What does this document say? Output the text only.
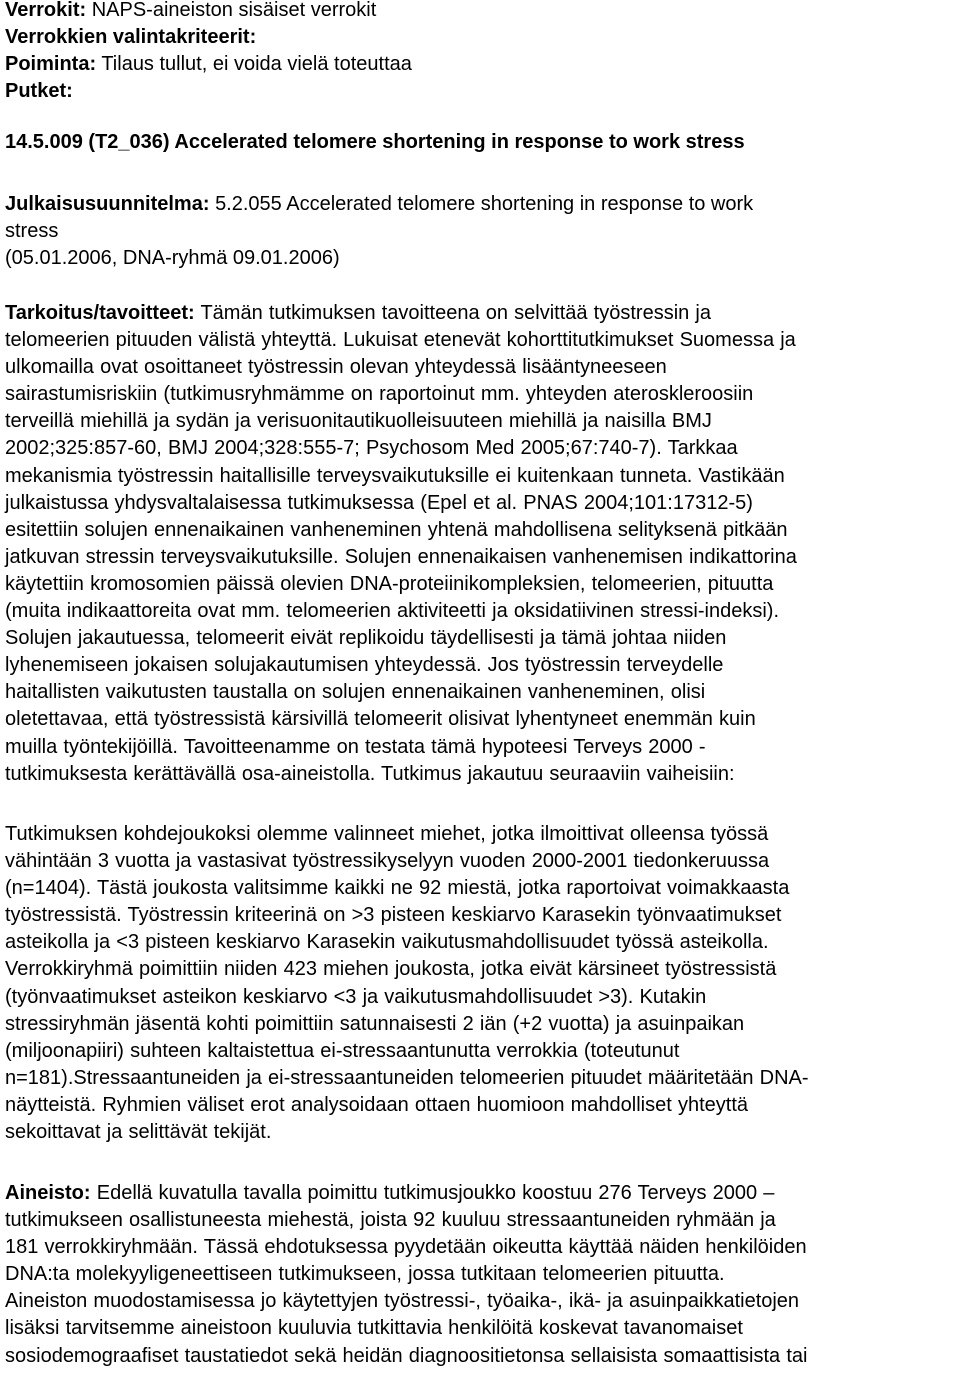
Verrokit: NAPS-aineiston sisäiset verrokit
Verrokkien valintakriteerit:
Poiminta: Tilaus tullut, ei voida vielä toteuttaa
Putket:
14.5.009 (T2_036) Accelerated telomere shortening in response to work stress
Julkaisusuunnitelma: 5.2.055 Accelerated telomere shortening in response to work
stress
(05.01.2006, DNA-ryhmä 09.01.2006)
Tarkoitus/tavoitteet: Tämän tutkimuksen tavoitteena on selvittää työstressin ja
telomeerien pituuden välistä yhteyttä. Lukuisat etenevät kohorttitutkimukset Suomessa ja
ulkomailla ovat osoittaneet työstressin olevan yhteydessä lisääntyneeseen
sairastumisriskiin (tutkimusryhmämme on raportoinut mm. yhteyden ateroskleroosiin
terveillä miehillä ja sydän ja verisuonitautikuolleisuuteen miehillä ja naisilla BMJ
2002;325:857-60, BMJ 2004;328:555-7; Psychosom Med 2005;67:740-7). Tarkkaa
mekanismia työstressin haitallisille terveysvaikutuksille ei kuitenkaan tunneta. Vastikään
julkaistussa yhdysvaltalaisessa tutkimuksessa (Epel et al. PNAS 2004;101:17312-5)
esitettiin solujen ennenaikainen vanheneminen yhtenä mahdollisena selityksenä pitkään
jatkuvan stressin terveysvaikutuksille. Solujen ennenaikaisen vanhenemisen indikattorina
käytettiin kromosomien päissä olevien DNA-proteiinikompleksien, telomeerien, pituutta
(muita indikaattoreita ovat mm. telomeerien aktiviteetti ja oksidatiivinen stressi-indeksi).
Solujen jakautuessa, telomeerit eivät replikoidu täydellisesti ja tämä johtaa niiden
lyhenemiseen jokaisen solujakautumisen yhteydessä. Jos työstressin terveydelle
haitallisten vaikutusten taustalla on solujen ennenaikainen vanheneminen, olisi
oletettavaa, että työstressistä kärsivillä telomeerit olisivat lyhentyneet enemmän kuin
muilla työntekijöillä. Tavoitteenamme on testata tämä hypoteesi Terveys 2000 -
tutkimuksesta kerättävällä osa-aineistolla. Tutkimus jakautuu seuraaviin vaiheisiin:
Tutkimuksen kohdejoukoksi olemme valinneet miehet, jotka ilmoittivat olleensa työssä
vähintään 3 vuotta ja vastasivat työstressikyselyyn vuoden 2000-2001 tiedonkeruussa
(n=1404). Tästä joukosta valitsimme kaikki ne 92 miestä, jotka raportoivat voimakkaasta
työstressistä. Työstressin kriteerinä on >3 pisteen keskiarvo Karasekin työnvaatimukset
asteikolla ja <3 pisteen keskiarvo Karasekin vaikutusmahdollisuudet työssä asteikolla.
Verrokkiryhmä poimittiin niiden 423 miehen joukosta, jotka eivät kärsineet työstressistä
(työnvaatimukset asteikon keskiarvo <3 ja vaikutusmahdollisuudet >3). Kutakin
stressiryhmän jäsentä kohti poimittiin satunnaisesti 2 iän (+2 vuotta) ja asuinpaikan
(miljoonapiiri) suhteen kaltaistettua ei-stressaantunutta verrokkia (toteutunut
n=181).Stressaantuneiden ja ei-stressaantuneiden telomeerien pituudet määritetään DNA-
näytteistä. Ryhmien väliset erot analysoidaan ottaen huomioon mahdolliset yhteyttä
sekoittavat ja selittävät tekijät.
Aineisto: Edellä kuvatulla tavalla poimittu tutkimusjoukko koostuu 276 Terveys 2000 –
tutkimukseen osallistuneesta miehestä, joista 92 kuuluu stressaantuneiden ryhmään ja
181 verrokkiryhmään. Tässä ehdotuksessa pyydetään oikeutta käyttää näiden henkilöiden
DNA:ta molekyyligeneettiseen tutkimukseen, jossa tutkitaan telomeerien pituutta.
Aineiston muodostamisessa jo käytettyjen työstressi-, työaika-, ikä- ja asuinpaikkatietojen
lisäksi tarvitsemme aineistoon kuuluvia tutkittavia henkilöitä koskevat tavanomaiset
sosiodemograafiset taustatiedot sekä heidän diagnoositietonsa sellaisista somaattisista tai
